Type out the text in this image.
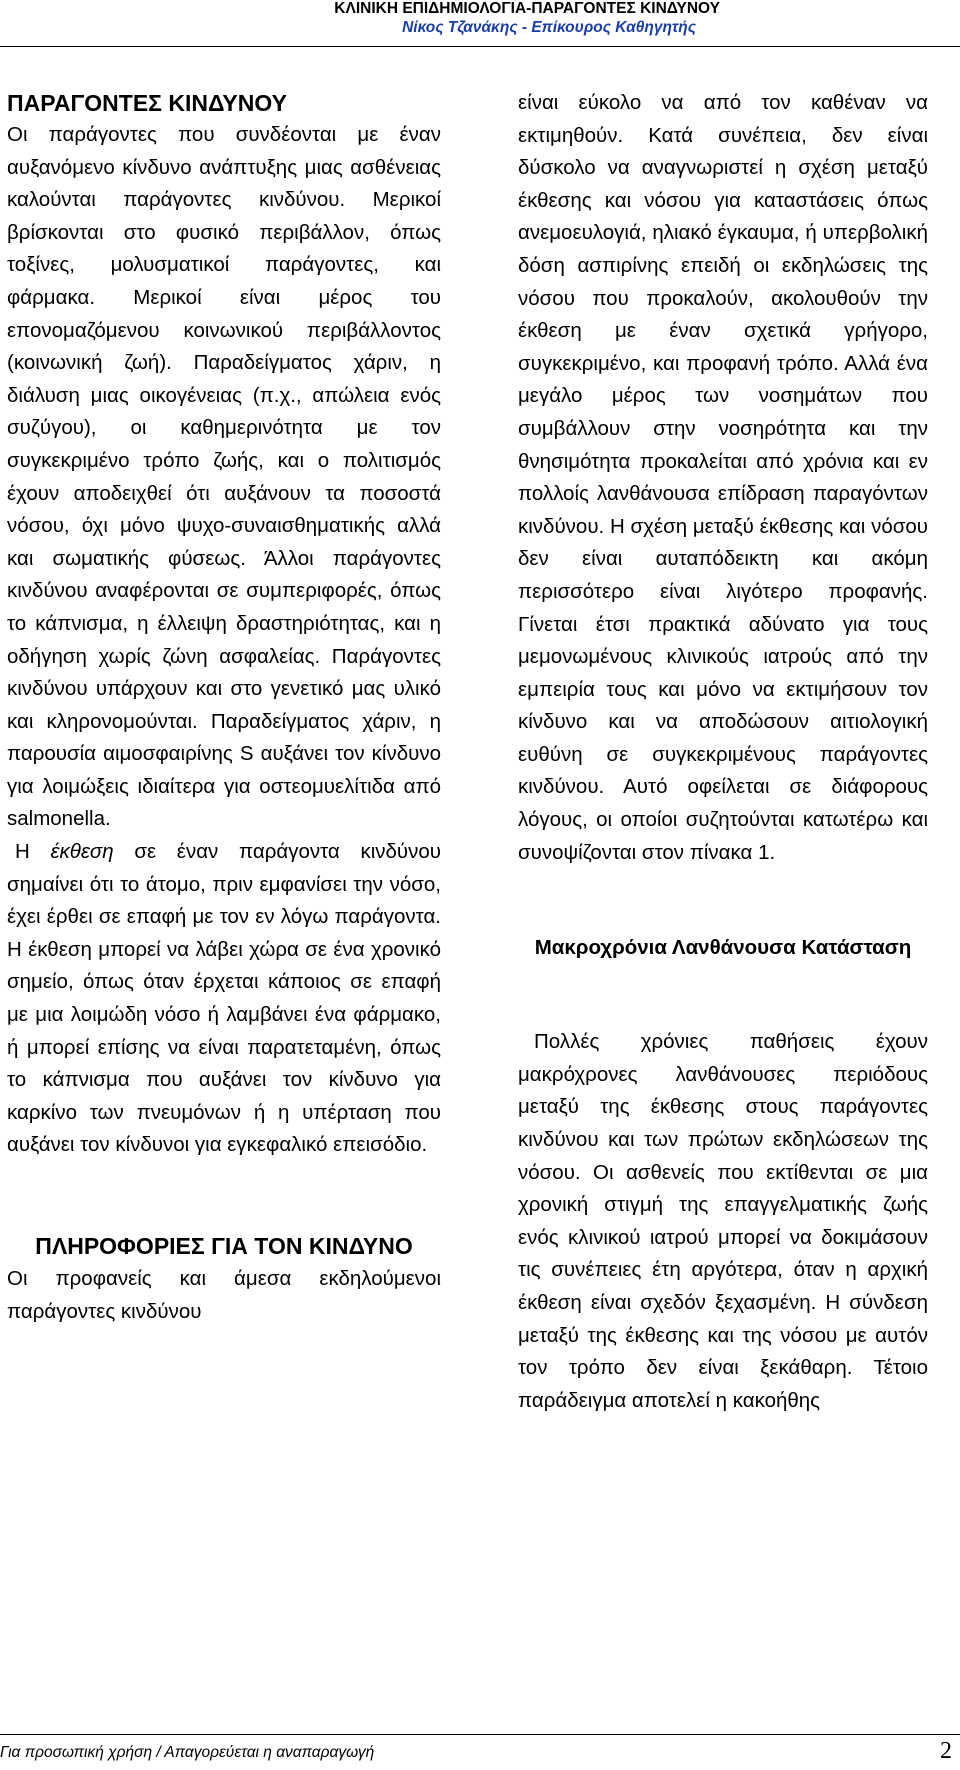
ΚΛΙΝΙΚΗ ΕΠΙΔΗΜΙΟΛΟΓΙΑ-ΠΑΡΑΓΟΝΤΕΣ ΚΙΝΔΥΝΟΥ
Νίκος Τζανάκης - Επίκουρος Καθηγητής

ΠΑΡΑΓΟΝΤΕΣ ΚΙΝΔΥΝΟΥ

Οι παράγοντες που συνδέονται με έναν αυξανόμενο κίνδυνο ανάπτυξης μιας ασθένειας καλούνται παράγοντες κινδύνου. Μερικοί βρίσκονται στο φυσικό περιβάλλον, όπως τοξίνες, μολυσματικοί παράγοντες, και φάρμακα. Μερικοί είναι μέρος του επονομαζόμενου κοινωνικού περιβάλλοντος (κοινωνική ζωή). Παραδείγματος χάριν, η διάλυση μιας οικογένειας (π.χ., απώλεια ενός συζύγου), οι καθημερινότητα με τον συγκεκριμένο τρόπο ζωής, και ο πολιτισμός έχουν αποδειχθεί ότι αυξάνουν τα ποσοστά νόσου, όχι μόνο ψυχο-συναισθηματικής αλλά και σωματικής φύσεως. Άλλοι παράγοντες κινδύνου αναφέρονται σε συμπεριφορές, όπως το κάπνισμα, η έλλειψη δραστηριότητας, και η οδήγηση χωρίς ζώνη ασφαλείας. Παράγοντες κινδύνου υπάρχουν και στο γενετικό μας υλικό και κληρονομούνται. Παραδείγματος χάριν, η παρουσία αιμοσφαιρίνης S αυξάνει τον κίνδυνο για λοιμώξεις ιδιαίτερα για οστεομυελίτιδα από salmonella.

Η έκθεση σε έναν παράγοντα κινδύνου σημαίνει ότι το άτομο, πριν εμφανίσει την νόσο, έχει έρθει σε επαφή με τον εν λόγω παράγοντα. Η έκθεση μπορεί να λάβει χώρα σε ένα χρονικό σημείο, όπως όταν έρχεται κάποιος σε επαφή με μια λοιμώδη νόσο ή λαμβάνει ένα φάρμακο, ή μπορεί επίσης να είναι παρατεταμένη, όπως το κάπνισμα που αυξάνει τον κίνδυνο για καρκίνο των πνευμόνων ή η υπέρταση που αυξάνει τον κίνδυνοι για εγκεφαλικό επεισόδιο.

ΠΛΗΡΟΦΟΡΙΕΣ ΓΙΑ ΤΟΝ ΚΙΝΔΥΝΟ

Οι προφανείς και άμεσα εκδηλούμενοι παράγοντες κινδύνου

είναι εύκολο να από τον καθέναν να εκτιμηθούν. Κατά συνέπεια, δεν είναι δύσκολο να αναγνωριστεί η σχέση μεταξύ έκθεσης και νόσου για καταστάσεις όπως ανεμοευλογιά, ηλιακό έγκαυμα, ή υπερβολική δόση ασπιρίνης επειδή οι εκδηλώσεις της νόσου που προκαλούν, ακολουθούν την έκθεση με έναν σχετικά γρήγορο, συγκεκριμένο, και προφανή τρόπο. Αλλά ένα μεγάλο μέρος των νοσημάτων που συμβάλλουν στην νοσηρότητα και την θνησιμότητα προκαλείται από χρόνια και εν πολλοίς λανθάνουσα επίδραση παραγόντων κινδύνου. Η σχέση μεταξύ έκθεσης και νόσου δεν είναι αυταπόδεικτη και ακόμη περισσότερο είναι λιγότερο προφανής. Γίνεται έτσι πρακτικά αδύνατο για τους μεμονωμένους κλινικούς ιατρούς από την εμπειρία τους και μόνο να εκτιμήσουν τον κίνδυνο και να αποδώσουν αιτιολογική ευθύνη σε συγκεκριμένους παράγοντες κινδύνου. Αυτό οφείλεται σε διάφορους λόγους, οι οποίοι συζητούνται κατωτέρω και συνοψίζονται στον πίνακα 1.

Μακροχρόνια Λανθάνουσα Κατάσταση

Πολλές χρόνιες παθήσεις έχουν μακρόχρονες λανθάνουσες περιόδους μεταξύ της έκθεσης στους παράγοντες κινδύνου και των πρώτων εκδηλώσεων της νόσου. Οι ασθενείς που εκτίθενται σε μια χρονική στιγμή της επαγγελματικής ζωής ενός κλινικού ιατρού μπορεί να δοκιμάσουν τις συνέπειες έτη αργότερα, όταν η αρχική έκθεση είναι σχεδόν ξεχασμένη. Η σύνδεση μεταξύ της έκθεσης και της νόσου με αυτόν τον τρόπο δεν είναι ξεκάθαρη. Τέτοιο παράδειγμα αποτελεί η κακοήθης

Για προσωπική χρήση / Απαγορεύεται η αναπαραγωγή	2
